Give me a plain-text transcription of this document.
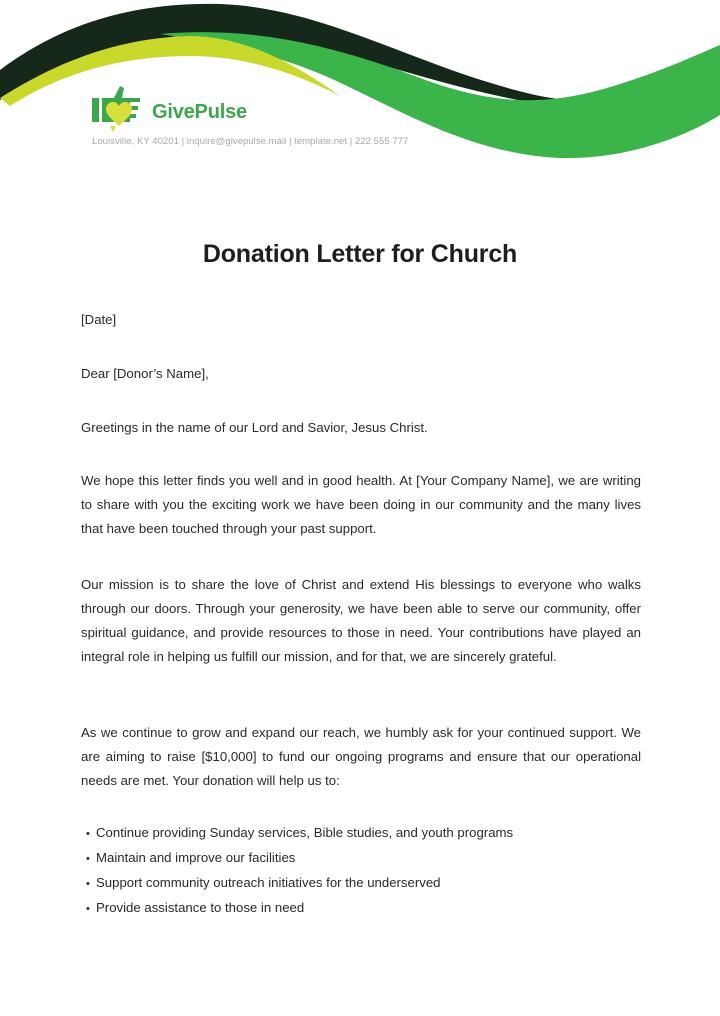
GivePulse
Louisville, KY 40201 | inquire@givepulse.mail | template.net | 222 555 777
Donation Letter for Church
[Date]
Dear [Donor’s Name],
Greetings in the name of our Lord and Savior, Jesus Christ.
We hope this letter finds you well and in good health. At [Your Company Name], we are writing to share with you the exciting work we have been doing in our community and the many lives that have been touched through your past support.
Our mission is to share the love of Christ and extend His blessings to everyone who walks through our doors. Through your generosity, we have been able to serve our community, offer spiritual guidance, and provide resources to those in need. Your contributions have played an integral role in helping us fulfill our mission, and for that, we are sincerely grateful.
As we continue to grow and expand our reach, we humbly ask for your continued support. We are aiming to raise [$10,000] to fund our ongoing programs and ensure that our operational needs are met. Your donation will help us to:
• Continue providing Sunday services, Bible studies, and youth programs
• Maintain and improve our facilities
• Support community outreach initiatives for the underserved
• Provide assistance to those in need
